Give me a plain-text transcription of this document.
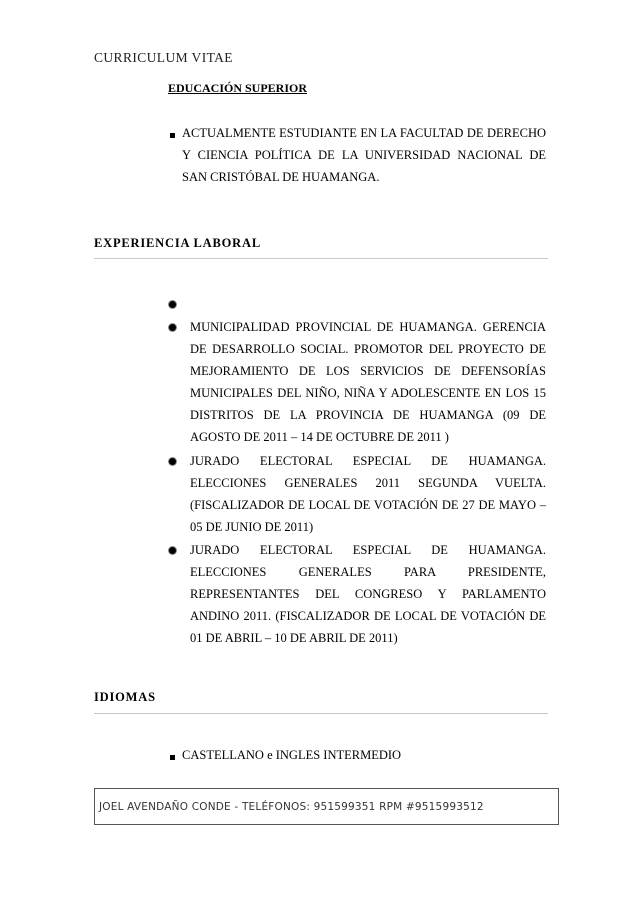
CURRICULUM VITAE
EDUCACIÓN SUPERIOR
ACTUALMENTE ESTUDIANTE EN LA FACULTAD DE DERECHO Y CIENCIA POLÍTICA DE LA UNIVERSIDAD NACIONAL DE SAN CRISTÓBAL DE HUAMANGA.
EXPERIENCIA LABORAL
MUNICIPALIDAD PROVINCIAL DE HUAMANGA. GERENCIA DE DESARROLLO SOCIAL. PROMOTOR DEL PROYECTO DE MEJORAMIENTO DE LOS SERVICIOS DE DEFENSORÍAS MUNICIPALES DEL NIÑO, NIÑA Y ADOLESCENTE EN LOS 15 DISTRITOS DE LA PROVINCIA DE HUAMANGA (09 DE AGOSTO DE 2011 – 14 DE OCTUBRE DE 2011 )
JURADO ELECTORAL ESPECIAL DE HUAMANGA. ELECCIONES GENERALES 2011 SEGUNDA VUELTA. (FISCALIZADOR DE LOCAL DE VOTACIÓN DE 27 DE MAYO – 05 DE JUNIO DE 2011)
JURADO ELECTORAL ESPECIAL DE HUAMANGA. ELECCIONES GENERALES PARA PRESIDENTE, REPRESENTANTES DEL CONGRESO Y PARLAMENTO ANDINO 2011. (FISCALIZADOR DE LOCAL DE VOTACIÓN DE 01 DE ABRIL – 10 DE ABRIL DE 2011)
IDIOMAS
CASTELLANO e INGLES INTERMEDIO
JOEL AVENDAÑO CONDE - TELÉFONOS: 951599351 RPM #9515993512
